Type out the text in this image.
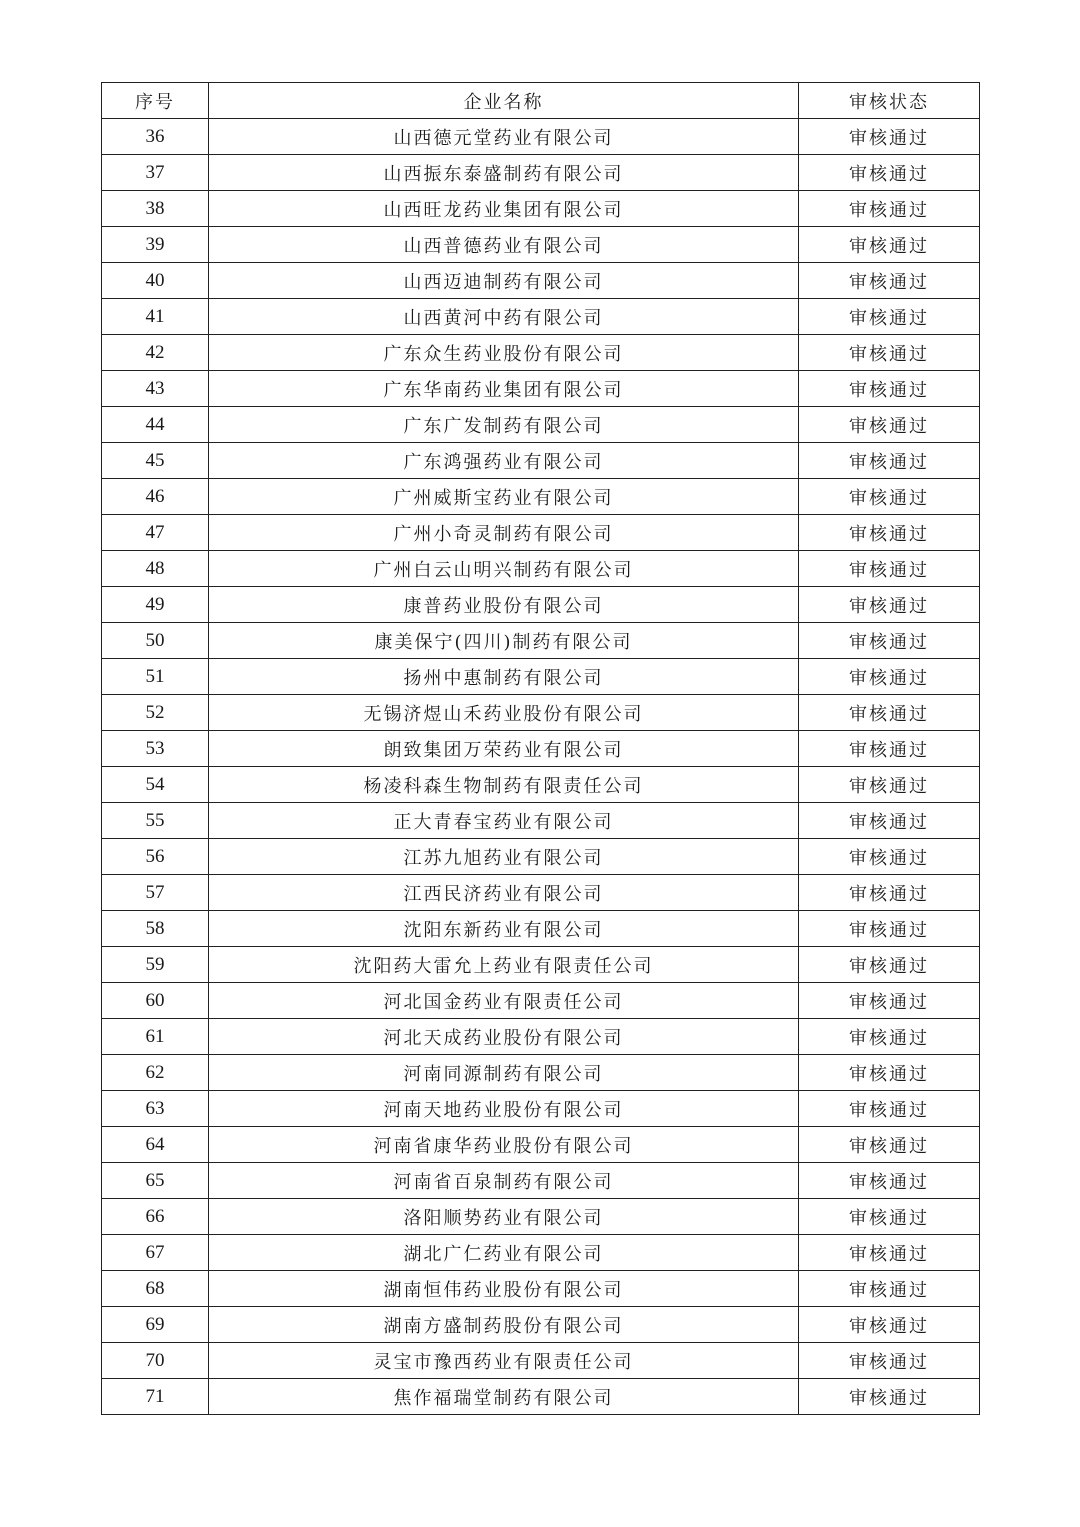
序号	企业名称	审核状态
36	山西德元堂药业有限公司	审核通过
37	山西振东泰盛制药有限公司	审核通过
38	山西旺龙药业集团有限公司	审核通过
39	山西普德药业有限公司	审核通过
40	山西迈迪制药有限公司	审核通过
41	山西黄河中药有限公司	审核通过
42	广东众生药业股份有限公司	审核通过
43	广东华南药业集团有限公司	审核通过
44	广东广发制药有限公司	审核通过
45	广东鸿强药业有限公司	审核通过
46	广州威斯宝药业有限公司	审核通过
47	广州小奇灵制药有限公司	审核通过
48	广州白云山明兴制药有限公司	审核通过
49	康普药业股份有限公司	审核通过
50	康美保宁(四川)制药有限公司	审核通过
51	扬州中惠制药有限公司	审核通过
52	无锡济煜山禾药业股份有限公司	审核通过
53	朗致集团万荣药业有限公司	审核通过
54	杨凌科森生物制药有限责任公司	审核通过
55	正大青春宝药业有限公司	审核通过
56	江苏九旭药业有限公司	审核通过
57	江西民济药业有限公司	审核通过
58	沈阳东新药业有限公司	审核通过
59	沈阳药大雷允上药业有限责任公司	审核通过
60	河北国金药业有限责任公司	审核通过
61	河北天成药业股份有限公司	审核通过
62	河南同源制药有限公司	审核通过
63	河南天地药业股份有限公司	审核通过
64	河南省康华药业股份有限公司	审核通过
65	河南省百泉制药有限公司	审核通过
66	洛阳顺势药业有限公司	审核通过
67	湖北广仁药业有限公司	审核通过
68	湖南恒伟药业股份有限公司	审核通过
69	湖南方盛制药股份有限公司	审核通过
70	灵宝市豫西药业有限责任公司	审核通过
71	焦作福瑞堂制药有限公司	审核通过
